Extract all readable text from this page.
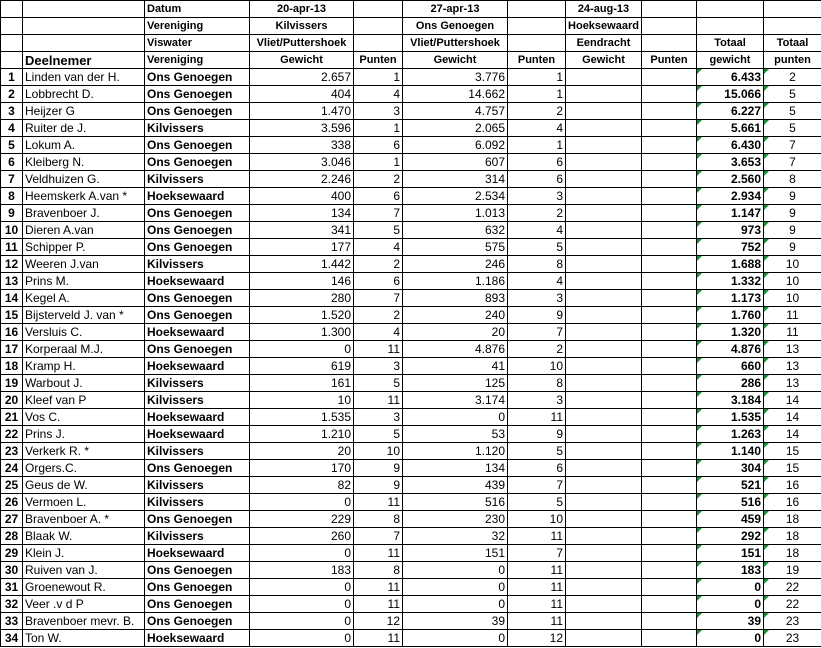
		Datum	20-apr-13		27-apr-13		24-aug-13			
		Vereniging	Kilvissers		Ons Genoegen		Hoeksewaard			
		Viswater	Vliet/Puttershoek		Vliet/Puttershoek		Eendracht		Totaal	Totaal
	Deelnemer	Vereniging	Gewicht	Punten	Gewicht	Punten	Gewicht	Punten	gewicht	punten
1	Linden van der H.	Ons Genoegen	2.657	1	3.776	1			6.433	2
2	Lobbrecht D.	Ons Genoegen	404	4	14.662	1			15.066	5
3	Heijzer G	Ons Genoegen	1.470	3	4.757	2			6.227	5
4	Ruiter de J.	Kilvissers	3.596	1	2.065	4			5.661	5
5	Lokum A.	Ons Genoegen	338	6	6.092	1			6.430	7
6	Kleiberg N.	Ons Genoegen	3.046	1	607	6			3.653	7
7	Veldhuizen G.	Kilvissers	2.246	2	314	6			2.560	8
8	Heemskerk A.van *	Hoeksewaard	400	6	2.534	3			2.934	9
9	Bravenboer J.	Ons Genoegen	134	7	1.013	2			1.147	9
10	Dieren A.van	Ons Genoegen	341	5	632	4			973	9
11	Schipper P.	Ons Genoegen	177	4	575	5			752	9
12	Weeren J.van	Kilvissers	1.442	2	246	8			1.688	10
13	Prins M.	Hoeksewaard	146	6	1.186	4			1.332	10
14	Kegel A.	Ons Genoegen	280	7	893	3			1.173	10
15	Bijsterveld J. van *	Ons Genoegen	1.520	2	240	9			1.760	11
16	Versluis C.	Hoeksewaard	1.300	4	20	7			1.320	11
17	Korperaal M.J.	Ons Genoegen	0	11	4.876	2			4.876	13
18	Kramp H.	Hoeksewaard	619	3	41	10			660	13
19	Warbout J.	Kilvissers	161	5	125	8			286	13
20	Kleef van P	Kilvissers	10	11	3.174	3			3.184	14
21	Vos C.	Hoeksewaard	1.535	3	0	11			1.535	14
22	Prins J.	Hoeksewaard	1.210	5	53	9			1.263	14
23	Verkerk R. *	Kilvissers	20	10	1.120	5			1.140	15
24	Orgers.C.	Ons Genoegen	170	9	134	6			304	15
25	Geus de W.	Kilvissers	82	9	439	7			521	16
26	Vermoen L.	Kilvissers	0	11	516	5			516	16
27	Bravenboer A. *	Ons Genoegen	229	8	230	10			459	18
28	Blaak W.	Kilvissers	260	7	32	11			292	18
29	Klein J.	Hoeksewaard	0	11	151	7			151	18
30	Ruiven van J.	Ons Genoegen	183	8	0	11			183	19
31	Groenewout R.	Ons Genoegen	0	11	0	11			0	22
32	Veer .v d P	Ons Genoegen	0	11	0	11			0	22
33	Bravenboer mevr. B.	Ons Genoegen	0	12	39	11			39	23
34	Ton W.	Hoeksewaard	0	11	0	12			0	23
